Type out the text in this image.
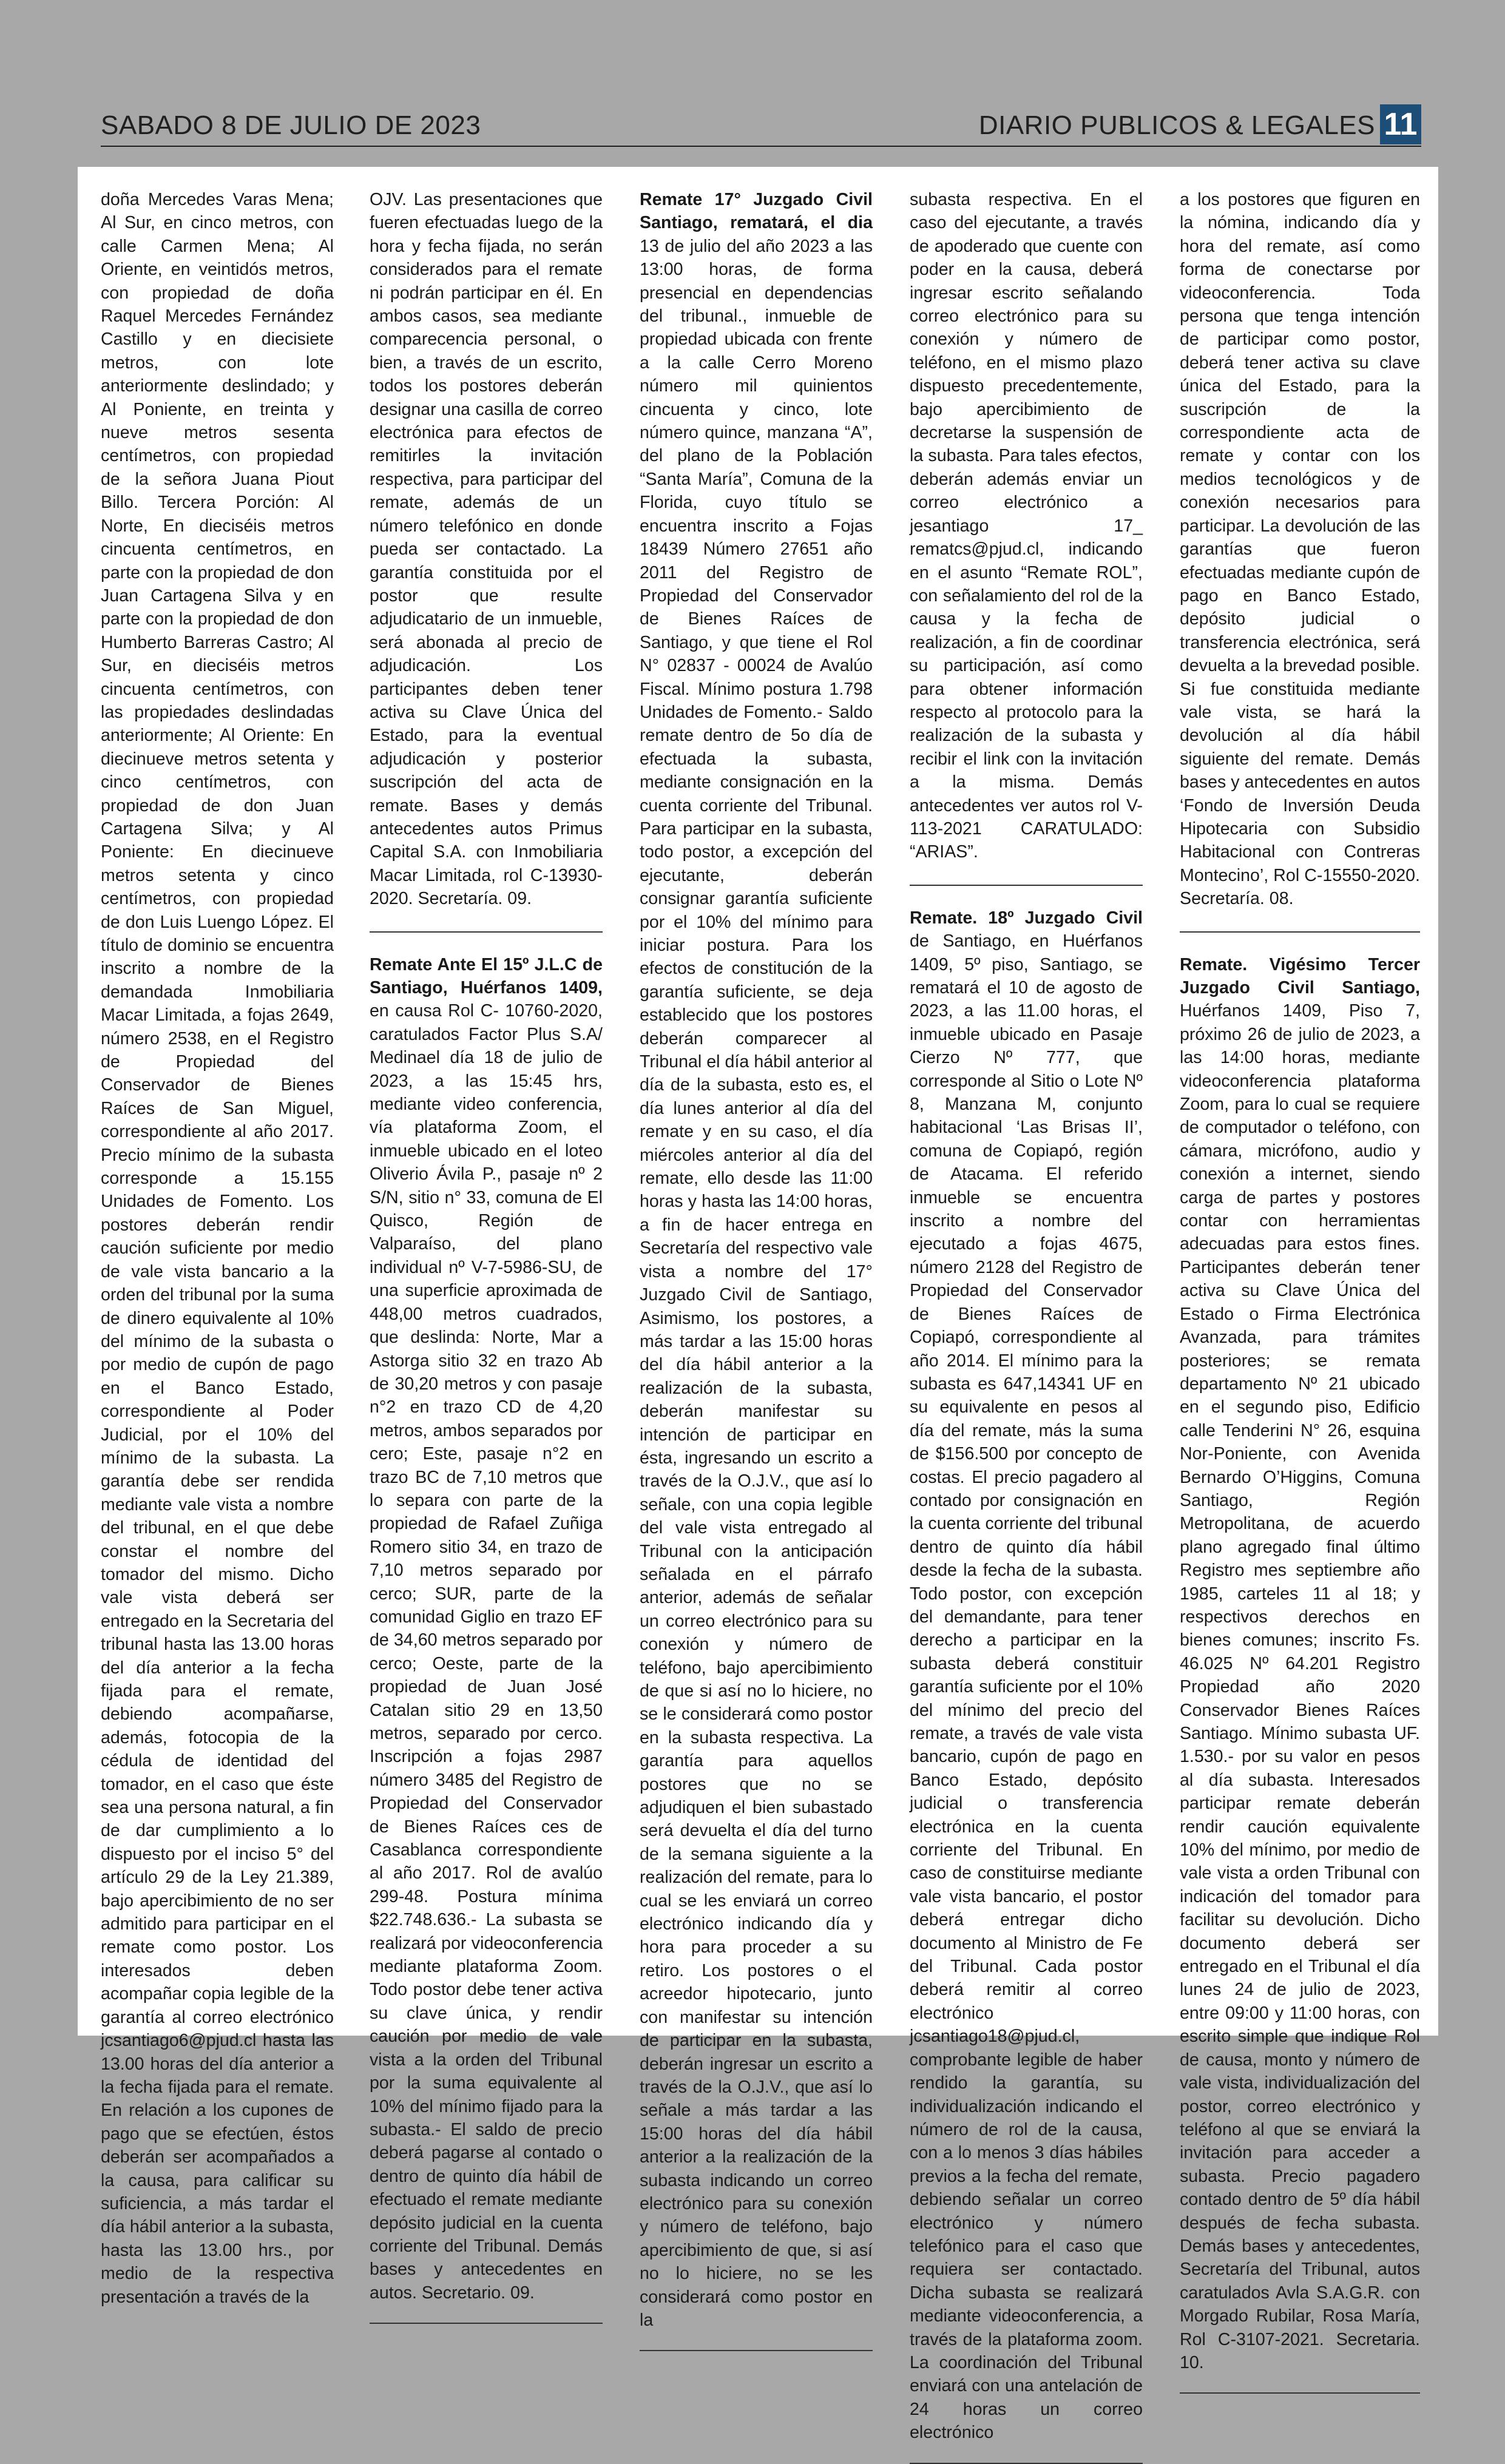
SABADO 8 DE JULIO DE 2023	DIARIO PUBLICOS & LEGALES 11

doña Mercedes Varas Mena; Al Sur, en cinco metros, con calle Carmen Mena; Al Oriente, en veintidós metros, con propiedad de doña Raquel Mercedes Fernández Castillo y en diecisiete metros, con lote anteriormente deslindado; y Al Poniente, en treinta y nueve metros sesenta centímetros, con propiedad de la señora Juana Piout Billo. Tercera Porción: Al Norte, En dieciséis metros cincuenta centímetros, en parte con la propiedad de don Juan Cartagena Silva y en parte con la propiedad de don Humberto Barreras Castro; Al Sur, en dieciséis metros cincuenta centímetros, con las propiedades deslindadas anteriormente; Al Oriente: En diecinueve metros setenta y cinco centímetros, con propiedad de don Juan Cartagena Silva; y Al Poniente: En diecinueve metros setenta y cinco centímetros, con propiedad de don Luis Luengo López. El título de dominio se encuentra inscrito a nombre de la demandada Inmobiliaria Macar Limitada, a fojas 2649, número 2538, en el Registro de Propiedad del Conservador de Bienes Raíces de San Miguel, correspondiente al año 2017. Precio mínimo de la subasta corresponde a 15.155 Unidades de Fomento. Los postores deberán rendir caución suficiente por medio de vale vista bancario a la orden del tribunal por la suma de dinero equivalente al 10% del mínimo de la subasta o por medio de cupón de pago en el Banco Estado, correspondiente al Poder Judicial, por el 10% del mínimo de la subasta. La garantía debe ser rendida mediante vale vista a nombre del tribunal, en el que debe constar el nombre del tomador del mismo. Dicho vale vista deberá ser entregado en la Secretaria del tribunal hasta las 13.00 horas del día anterior a la fecha fijada para el remate, debiendo acompañarse, además, fotocopia de la cédula de identidad del tomador, en el caso que éste sea una persona natural, a fin de dar cumplimiento a lo dispuesto por el inciso 5° del artículo 29 de la Ley 21.389, bajo apercibimiento de no ser admitido para participar en el remate como postor. Los interesados deben acompañar copia legible de la garantía al correo electrónico jcsantiago6@pjud.cl hasta las 13.00 horas del día anterior a la fecha fijada para el remate. En relación a los cupones de pago que se efectúen, éstos deberán ser acompañados a la causa, para calificar su suficiencia, a más tardar el día hábil anterior a la subasta, hasta las 13.00 hrs., por medio de la respectiva presentación a través de la

OJV. Las presentaciones que fueren efectuadas luego de la hora y fecha fijada, no serán considerados para el remate ni podrán participar en él. En ambos casos, sea mediante comparecencia personal, o bien, a través de un escrito, todos los postores deberán designar una casilla de correo electrónica para efectos de remitirles la invitación respectiva, para participar del remate, además de un número telefónico en donde pueda ser contactado. La garantía constituida por el postor que resulte adjudicatario de un inmueble, será abonada al precio de adjudicación. Los participantes deben tener activa su Clave Única del Estado, para la eventual adjudicación y posterior suscripción del acta de remate. Bases y demás antecedentes autos Primus Capital S.A. con Inmobiliaria Macar Limitada, rol C-13930-2020. Secretaría. 09.

Remate Ante El 15º J.L.C de Santiago, Huérfanos 1409, en causa Rol C- 10760-2020, caratulados Factor Plus S.A/ Medinael día 18 de julio de 2023, a las 15:45 hrs, mediante video conferencia, vía plataforma Zoom, el inmueble ubicado en el loteo Oliverio Ávila P., pasaje nº 2 S/N, sitio n° 33, comuna de El Quisco, Región de Valparaíso, del plano individual nº V-7-5986-SU, de una superficie aproximada de 448,00 metros cuadrados, que deslinda: Norte, Mar a Astorga sitio 32 en trazo Ab de 30,20 metros y con pasaje n°2 en trazo CD de 4,20 metros, ambos separados por cero; Este, pasaje n°2 en trazo BC de 7,10 metros que lo separa con parte de la propiedad de Rafael Zuñiga Romero sitio 34, en trazo de 7,10 metros separado por cerco; SUR, parte de la comunidad Giglio en trazo EF de 34,60 metros separado por cerco; Oeste, parte de la propiedad de Juan José Catalan sitio 29 en 13,50 metros, separado por cerco. Inscripción a fojas 2987 número 3485 del Registro de Propiedad del Conservador de Bienes Raíces ces de Casablanca correspondiente al año 2017. Rol de avalúo 299-48. Postura mínima $22.748.636.- La subasta se realizará por videoconferencia mediante plataforma Zoom. Todo postor debe tener activa su clave única, y rendir caución por medio de vale vista a la orden del Tribunal por la suma equivalente al 10% del mínimo fijado para la subasta.- El saldo de precio deberá pagarse al contado o dentro de quinto día hábil de efectuado el remate mediante depósito judicial en la cuenta corriente del Tribunal. Demás bases y antecedentes en autos. Secretario. 09.

Remate 17° Juzgado Civil Santiago, rematará, el dia 13 de julio del año 2023 a las 13:00 horas, de forma presencial en dependencias del tribunal., inmueble de propiedad ubicada con frente a la calle Cerro Moreno número mil quinientos cincuenta y cinco, lote número quince, manzana “A”, del plano de la Población “Santa María”, Comuna de la Florida, cuyo título se encuentra inscrito a Fojas 18439 Número 27651 año 2011 del Registro de Propiedad del Conservador de Bienes Raíces de Santiago, y que tiene el Rol N° 02837 - 00024 de Avalúo Fiscal. Mínimo postura 1.798 Unidades de Fomento.- Saldo remate dentro de 5o día de efectuada la subasta, mediante consignación en la cuenta corriente del Tribunal. Para participar en la subasta, todo postor, a excepción del ejecutante, deberán consignar garantía suficiente por el 10% del mínimo para iniciar postura. Para los efectos de constitución de la garantía suficiente, se deja establecido que los postores deberán comparecer al Tribunal el día hábil anterior al día de la subasta, esto es, el día lunes anterior al día del remate y en su caso, el día miércoles anterior al día del remate, ello desde las 11:00 horas y hasta las 14:00 horas, a fin de hacer entrega en Secretaría del respectivo vale vista a nombre del 17° Juzgado Civil de Santiago, Asimismo, los postores, a más tardar a las 15:00 horas del día hábil anterior a la realización de la subasta, deberán manifestar su intención de participar en ésta, ingresando un escrito a través de la O.J.V., que así lo señale, con una copia legible del vale vista entregado al Tribunal con la anticipación señalada en el párrafo anterior, además de señalar un correo electrónico para su conexión y número de teléfono, bajo apercibimiento de que si así no lo hiciere, no se le considerará como postor en la subasta respectiva. La garantía para aquellos postores que no se adjudiquen el bien subastado será devuelta el día del turno de la semana siguiente a la realización del remate, para lo cual se les enviará un correo electrónico indicando día y hora para proceder a su retiro. Los postores o el acreedor hipotecario, junto con manifestar su intención de participar en la subasta, deberán ingresar un escrito a través de la O.J.V., que así lo señale a más tardar a las 15:00 horas del día hábil anterior a la realización de la subasta indicando un correo electrónico para su conexión y número de teléfono, bajo apercibimiento de que, si así no lo hiciere, no se les considerará como postor en la

subasta respectiva. En el caso del ejecutante, a través de apoderado que cuente con poder en la causa, deberá ingresar escrito señalando correo electrónico para su conexión y número de teléfono, en el mismo plazo dispuesto precedentemente, bajo apercibimiento de decretarse la suspensión de la subasta. Para tales efectos, deberán además enviar un correo electrónico a jesantiago 17_ rematcs@pjud.cl, indicando en el asunto “Remate ROL”, con señalamiento del rol de la causa y la fecha de realización, a fin de coordinar su participación, así como para obtener información respecto al protocolo para la realización de la subasta y recibir el link con la invitación a la misma. Demás antecedentes ver autos rol V-113-2021 CARATULADO: “ARIAS”.

Remate. 18º Juzgado Civil de Santiago, en Huérfanos 1409, 5º piso, Santiago, se rematará el 10 de agosto de 2023, a las 11.00 horas, el inmueble ubicado en Pasaje Cierzo Nº 777, que corresponde al Sitio o Lote Nº 8, Manzana M, conjunto habitacional ‘Las Brisas II’, comuna de Copiapó, región de Atacama. El referido inmueble se encuentra inscrito a nombre del ejecutado a fojas 4675, número 2128 del Registro de Propiedad del Conservador de Bienes Raíces de Copiapó, correspondiente al año 2014. El mínimo para la subasta es 647,14341 UF en su equivalente en pesos al día del remate, más la suma de $156.500 por concepto de costas. El precio pagadero al contado por consignación en la cuenta corriente del tribunal dentro de quinto día hábil desde la fecha de la subasta. Todo postor, con excepción del demandante, para tener derecho a participar en la subasta deberá constituir garantía suficiente por el 10% del mínimo del precio del remate, a través de vale vista bancario, cupón de pago en Banco Estado, depósito judicial o transferencia electrónica en la cuenta corriente del Tribunal. En caso de constituirse mediante vale vista bancario, el postor deberá entregar dicho documento al Ministro de Fe del Tribunal. Cada postor deberá remitir al correo electrónico jcsantiago18@pjud.cl, comprobante legible de haber rendido la garantía, su individualización indicando el número de rol de la causa, con a lo menos 3 días hábiles previos a la fecha del remate, debiendo señalar un correo electrónico y número telefónico para el caso que requiera ser contactado. Dicha subasta se realizará mediante videoconferencia, a través de la plataforma zoom. La coordinación del Tribunal enviará con una antelación de 24 horas un correo electrónico

a los postores que figuren en la nómina, indicando día y hora del remate, así como forma de conectarse por videoconferencia. Toda persona que tenga intención de participar como postor, deberá tener activa su clave única del Estado, para la suscripción de la correspondiente acta de remate y contar con los medios tecnológicos y de conexión necesarios para participar. La devolución de las garantías que fueron efectuadas mediante cupón de pago en Banco Estado, depósito judicial o transferencia electrónica, será devuelta a la brevedad posible. Si fue constituida mediante vale vista, se hará la devolución al día hábil siguiente del remate. Demás bases y antecedentes en autos ‘Fondo de Inversión Deuda Hipotecaria con Subsidio Habitacional con Contreras Montecino’, Rol C-15550-2020. Secretaría. 08.

Remate. Vigésimo Tercer Juzgado Civil Santiago, Huérfanos 1409, Piso 7, próximo 26 de julio de 2023, a las 14:00 horas, mediante videoconferencia plataforma Zoom, para lo cual se requiere de computador o teléfono, con cámara, micrófono, audio y conexión a internet, siendo carga de partes y postores contar con herramientas adecuadas para estos fines. Participantes deberán tener activa su Clave Única del Estado o Firma Electrónica Avanzada, para trámites posteriores; se remata departamento Nº 21 ubicado en el segundo piso, Edificio calle Tenderini N° 26, esquina Nor-Poniente, con Avenida Bernardo O’Higgins, Comuna Santiago, Región Metropolitana, de acuerdo plano agregado final último Registro mes septiembre año 1985, carteles 11 al 18; y respectivos derechos en bienes comunes; inscrito Fs. 46.025 Nº 64.201 Registro Propiedad año 2020 Conservador Bienes Raíces Santiago. Mínimo subasta UF. 1.530.- por su valor en pesos al día subasta. Interesados participar remate deberán rendir caución equivalente 10% del mínimo, por medio de vale vista a orden Tribunal con indicación del tomador para facilitar su devolución. Dicho documento deberá ser entregado en el Tribunal el día lunes 24 de julio de 2023, entre 09:00 y 11:00 horas, con escrito simple que indique Rol de causa, monto y número de vale vista, individualización del postor, correo electrónico y teléfono al que se enviará la invitación para acceder a subasta. Precio pagadero contado dentro de 5º día hábil después de fecha subasta. Demás bases y antecedentes, Secretaría del Tribunal, autos caratulados Avla S.A.G.R. con Morgado Rubilar, Rosa María, Rol C-3107-2021. Secretaria. 10.
